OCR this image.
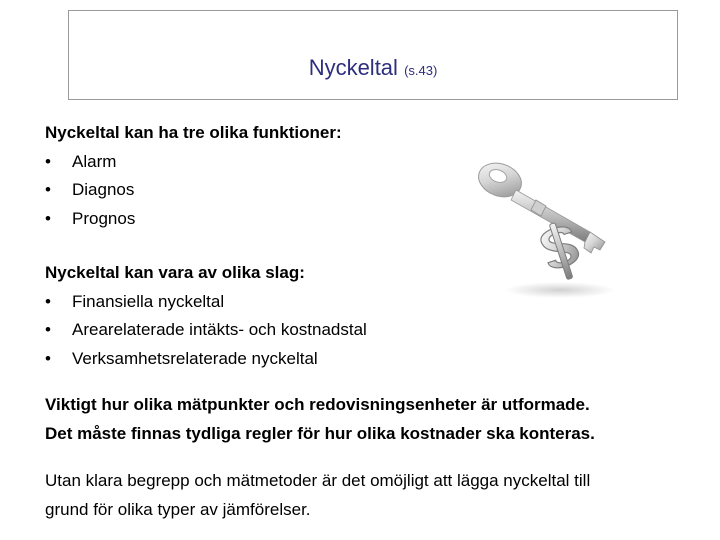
Nyckeltal (s.43)

Nyckeltal kan ha tre olika funktioner:

• Alarm
• Diagnos
• Prognos

Nyckeltal kan vara av olika slag:

• Finansiella nyckeltal
• Arearelaterade intäkts- och kostnadstal
• Verksamhetsrelaterade nyckeltal

Viktigt hur olika mätpunkter och redovisningsenheter är utformade.

Det måste finnas tydliga regler för hur olika kostnader ska konteras.

Utan klara begrepp och mätmetoder är det omöjligt att lägga nyckeltal till

grund för olika typer av jämförelser.
